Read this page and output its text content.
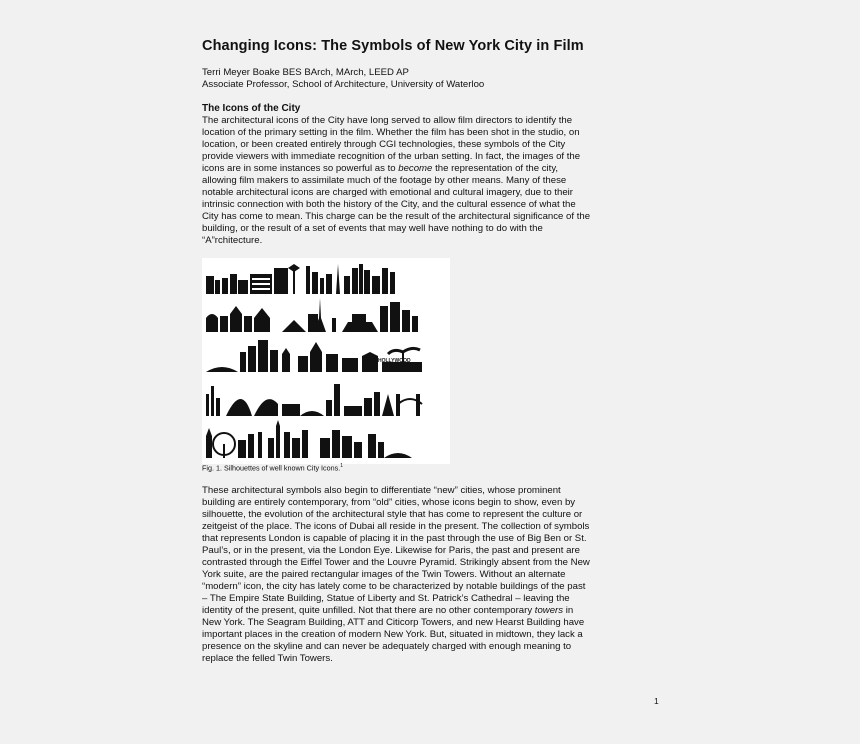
Changing Icons: The Symbols of New York City in Film
Terri Meyer Boake BES BArch, MArch, LEED AP
Associate Professor, School of Architecture, University of Waterloo
The Icons of the City
The architectural icons of the City have long served to allow film directors to identify the
location of the primary setting in the film. Whether the film has been shot in the studio, on
location, or been created entirely through CGI technologies, these symbols of the City
provide viewers with immediate recognition of the urban setting. In fact, the images of the
icons are in some instances so powerful as to become the representation of the city,
allowing film makers to assimilate much of the footage by other means. Many of these
notable architectural icons are charged with emotional and cultural imagery, due to their
intrinsic connection with both the history of the City, and the cultural essence of what the
City has come to mean. This charge can be the result of the architectural significance of the
building, or the result of a set of events that may well have nothing to do with the
“A”rchitecture.
HOLLYWOOD
Fig. 1. Silhouettes of well known City Icons.$^1$
These architectural symbols also begin to differentiate “new” cities, whose prominent
building are entirely contemporary, from “old” cities, whose icons begin to show, even by
silhouette, the evolution of the architectural style that has come to represent the culture or
zeitgeist of the place. The icons of Dubai all reside in the present. The collection of symbols
that represents London is capable of placing it in the past through the use of Big Ben or St.
Paul’s, or in the present, via the London Eye. Likewise for Paris, the past and present are
contrasted through the Eiffel Tower and the Louvre Pyramid. Strikingly absent from the New
York suite, are the paired rectangular images of the Twin Towers. Without an alternate
“modern” icon, the city has lately come to be characterized by notable buildings of the past
– The Empire State Building, Statue of Liberty and St. Patrick’s Cathedral – leaving the
identity of the present, quite unfilled. Not that there are no other contemporary towers in
New York. The Seagram Building, ATT and Citicorp Towers, and new Hearst Building have
important places in the creation of modern New York. But, situated in midtown, they lack a
presence on the skyline and can never be adequately charged with enough meaning to
replace the felled Twin Towers.
1
